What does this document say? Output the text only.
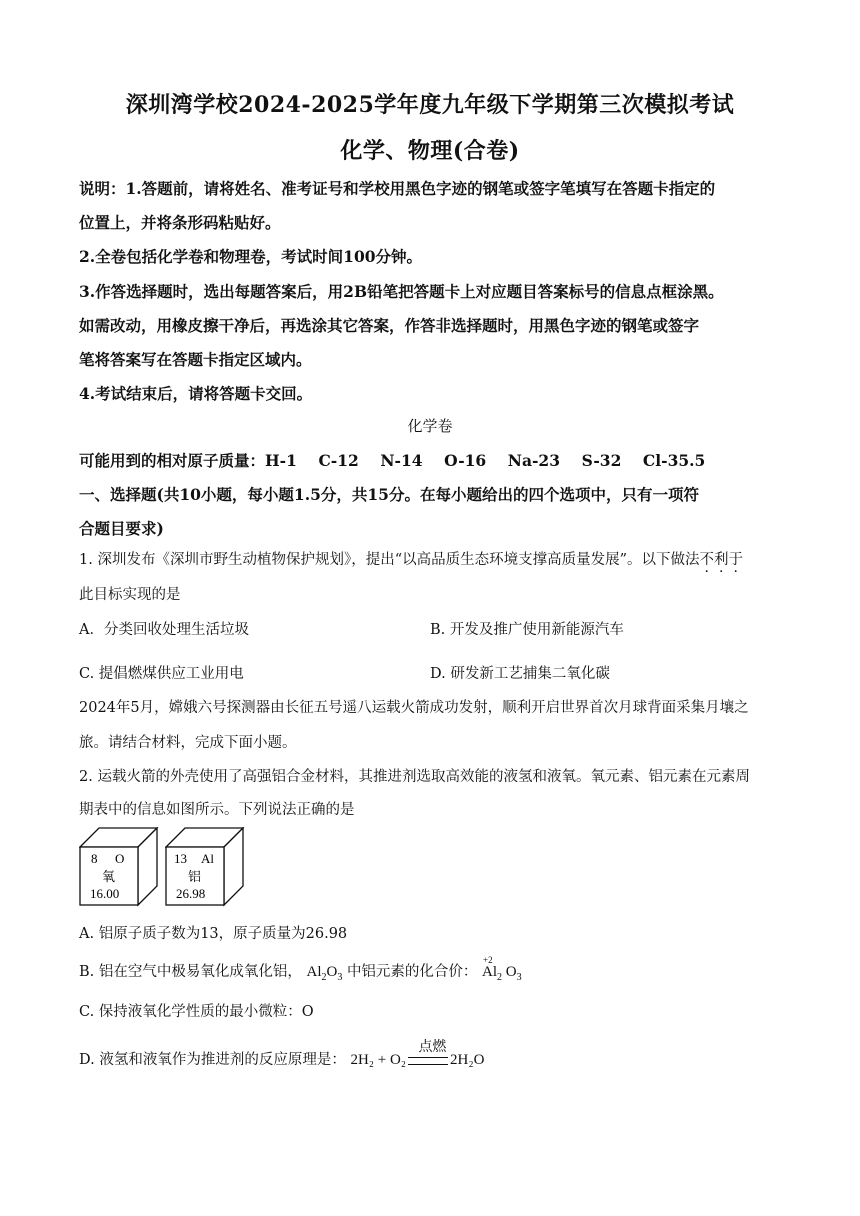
深圳湾学校2024-2025学年度九年级下学期第三次模拟考试
化学、物理(合卷)
说明：1.答题前，请将姓名、准考证号和学校用黑色字迹的钢笔或签字笔填写在答题卡指定的
位置上，并将条形码粘贴好。
2.全卷包括化学卷和物理卷，考试时间100分钟。
3.作答选择题时，选出每题答案后，用2B铅笔把答题卡上对应题目答案标号的信息点框涂黑。
如需改动，用橡皮擦干净后，再选涂其它答案，作答非选择题时，用黑色字迹的钢笔或签字
笔将答案写在答题卡指定区域内。
4.考试结束后，请将答题卡交回。
化学卷
可能用到的相对原子质量：H-1    C-12    N-14    O-16    Na-23    S-32    Cl-35.5
一、选择题(共10小题，每小题1.5分，共15分。在每小题给出的四个选项中，只有一项符
合题目要求)
1. 深圳发布《深圳市野生动植物保护规划》，提出“以高品质生态环境支撑高质量发展”。以下做法不利于
此目标实现的是
A．分类回收处理生活垃圾	B. 开发及推广使用新能源汽车
C. 提倡燃煤供应工业用电	D. 研发新工艺捕集二氧化碳
2024年5月，嫦娥六号探测器由长征五号遥八运载火箭成功发射，顺利开启世界首次月球背面采集月壤之
旅。请结合材料，完成下面小题。
2. 运载火箭的外壳使用了高强铝合金材料，其推进剂选取高效能的液氢和液氧。氧元素、铝元素在元素周
期表中的信息如图所示。下列说法正确的是
8 O
氧
16.00
13 Al
铝
26.98
A. 铝原子质子数为13，原子质量为26.98
B. 铝在空气中极易氧化成氧化铝， $Al_2O_3$ 中铝元素的化合价：
+2
$Al_2$ $O_3$
C. 保持液氧化学性质的最小微粒：O
D. 液氢和液氧作为推进剂的反应原理是： 2H₂ + O₂
点燃
2H₂O
